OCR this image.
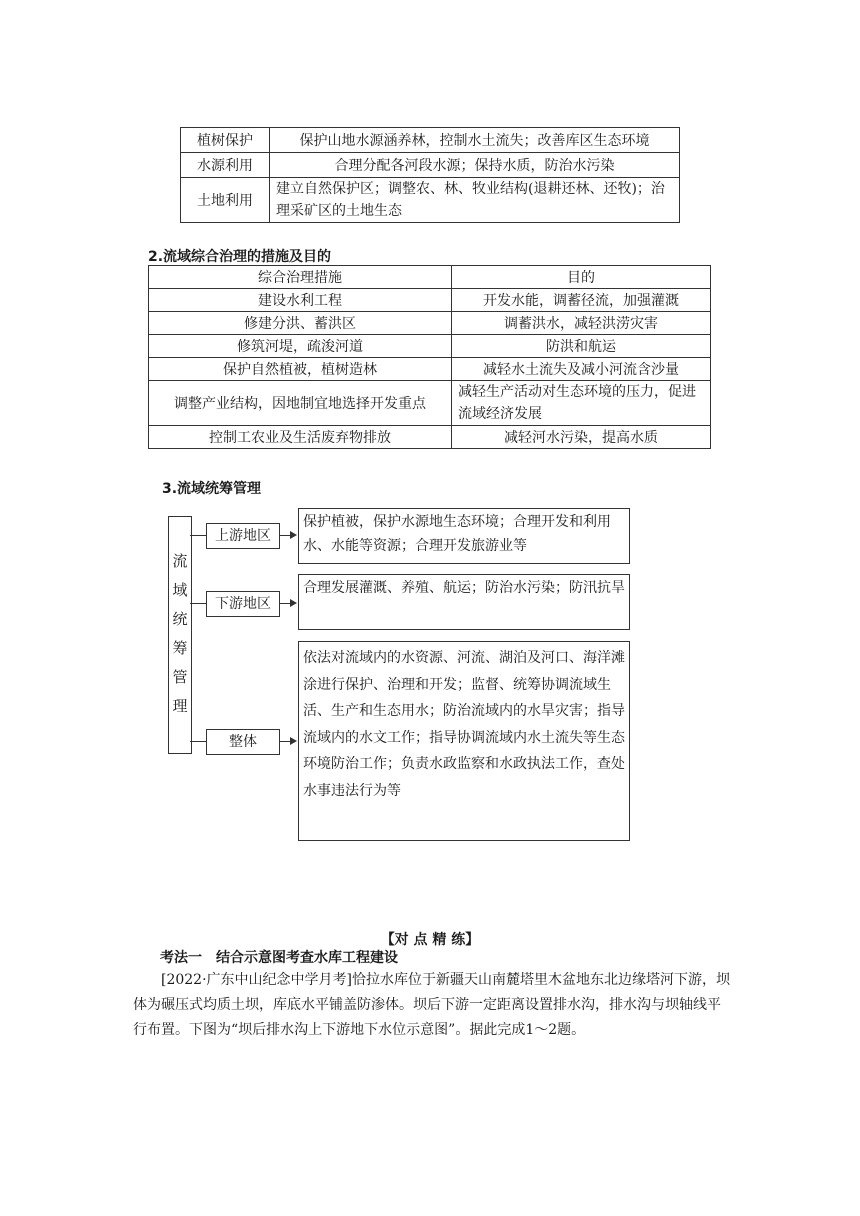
植树保护	保护山地水源涵养林，控制水土流失；改善库区生态环境
水源利用	合理分配各河段水源；保持水质，防治水污染
土地利用	建立自然保护区；调整农、林、牧业结构(退耕还林、还牧)；治理采矿区的土地生态
2.流域综合治理的措施及目的
综合治理措施	目的
建设水利工程	开发水能，调蓄径流，加强灌溉
修建分洪、蓄洪区	调蓄洪水，减轻洪涝灾害
修筑河堤，疏浚河道	防洪和航运
保护自然植被，植树造林	减轻水土流失及减小河流含沙量
调整产业结构，因地制宜地选择开发重点	减轻生产活动对生态环境的压力，促进流域经济发展
控制工农业及生活废弃物排放	减轻河水污染，提高水质
3.流域统筹管理
流域统筹管理
上游地区
保护植被，保护水源地生态环境；合理开发和利用水、水能等资源；合理开发旅游业等
下游地区
合理发展灌溉、养殖、航运；防治水污染；防汛抗旱
整体
依法对流域内的水资源、河流、湖泊及河口、海洋滩涂进行保护、治理和开发；监督、统筹协调流域生活、生产和生态用水；防治流域内的水旱灾害；指导流域内的水文工作；指导协调流域内水土流失等生态环境防治工作；负责水政监察和水政执法工作，查处水事违法行为等
【对 点 精 练】
考法一　结合示意图考查水库工程建设
[2022·广东中山纪念中学月考]恰拉水库位于新疆天山南麓塔里木盆地东北边缘塔河下游，坝体为碾压式均质土坝，库底水平铺盖防渗体。坝后下游一定距离设置排水沟，排水沟与坝轴线平行布置。下图为“坝后排水沟上下游地下水位示意图”。据此完成1～2题。
